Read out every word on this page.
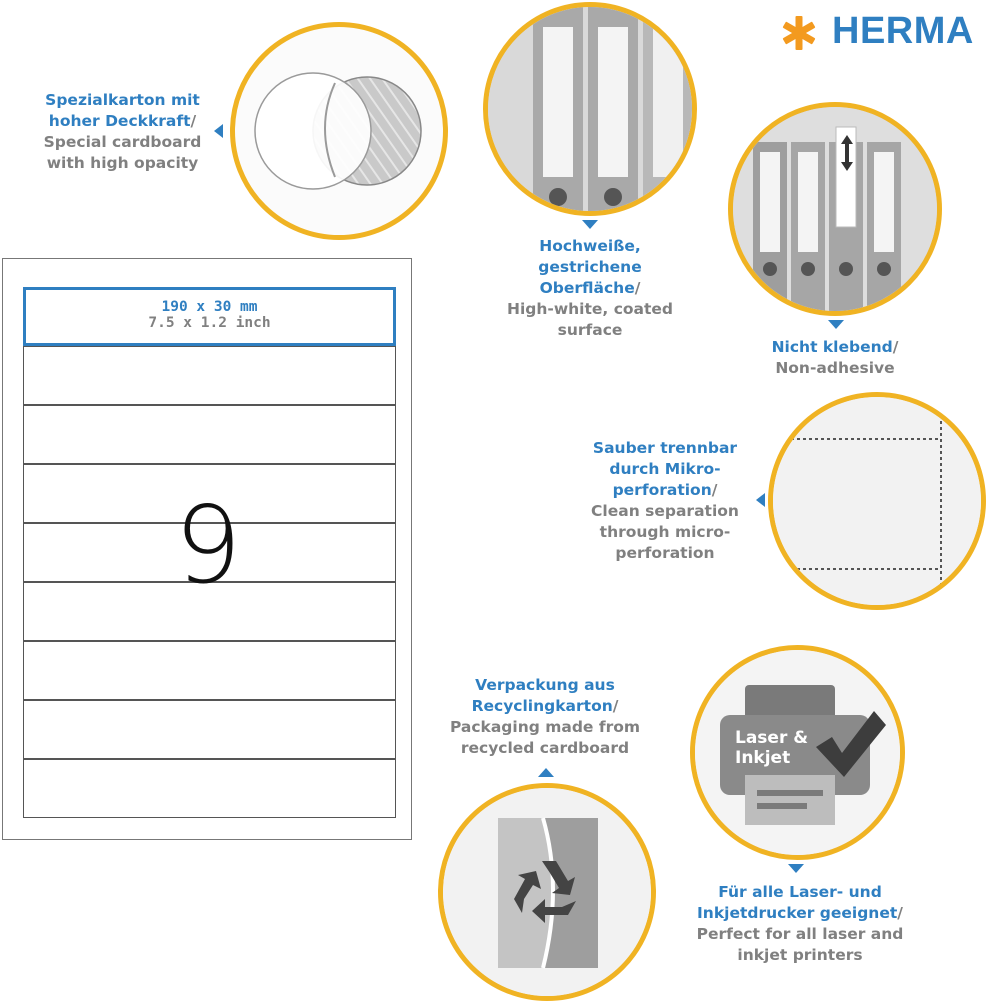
HERMA
Spezialkarton mit
hoher Deckkraft/
Special cardboard
with high opacity
Hochweiße,
gestrichene
Oberfläche/
High-white, coated
surface
Nicht klebend/
Non-adhesive
Sauber trennbar
durch Mikro-
perforation/
Clean separation
through micro-
perforation
190 x 30 mm
7.5 x 1.2 inch
9
Verpackung aus
Recyclingkarton/
Packaging made from
recycled cardboard	Laser &
Inkjet
Für alle Laser- und
Inkjetdrucker geeignet/
Perfect for all laser and
inkjet printers
